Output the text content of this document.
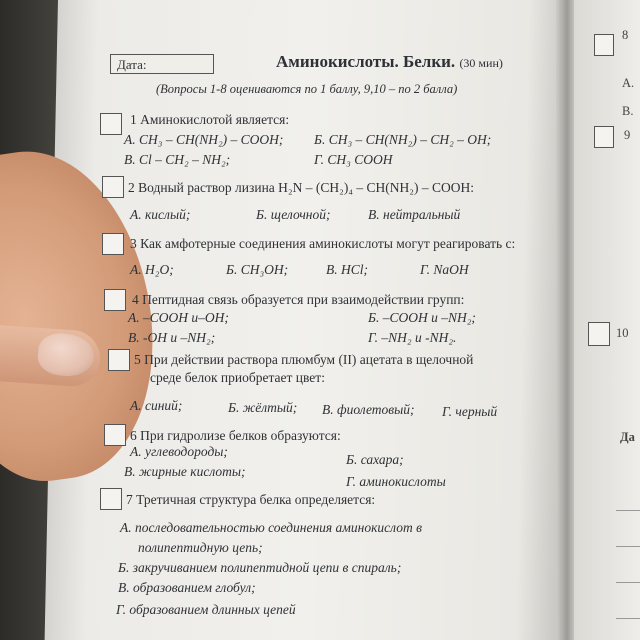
Дата:	Аминокислоты. Белки. (30 мин)
(Вопросы 1-8 оцениваются по 1 баллу, 9,10 – по 2 балла)
1 Аминокислотой является:
А. CH₃ – CH(NH₂) – COOH; Б. CH₃ – CH(NH₂) – CH₂ – OH;
В. Cl – CH₂ – NH₂;	Г. CH₃ COOH
2 Водный раствор лизина H₂N – (CH₂)₄ – CH(NH₂) – COOH:
А. кислый;	Б. щелочной;	В. нейтральный
3 Как амфотерные соединения аминокислоты могут реагировать с:
А. H₂O;	Б. CH₃OH;	В. HCl;	Г. NaOH
4 Пептидная связь образуется при взаимодействии групп:
А. –COOH и–OH;	Б. –COOH и –NH₂;
В. -OH и –NH₂;	Г. –NH₂ и -NH₂.
5 При действии раствора плюмбум (II) ацетата в щелочной
среде белок приобретает цвет:
А. синий;	Б. жёлтый; В. фиолетовый; Г. черный
6 При гидролизе белков образуются:
А. углеводороды;
Б. сахара;
В. жирные кислоты;
Г. аминокислоты
7 Третичная структура белка определяется:
А. последовательностью соединения аминокислот в
полипептидную цепь;
Б. закручиванием полипептидной цепи в спираль;
В. образованием глобул;
Г. образованием длинных цепей
8
А.
В.
9
10
Да
